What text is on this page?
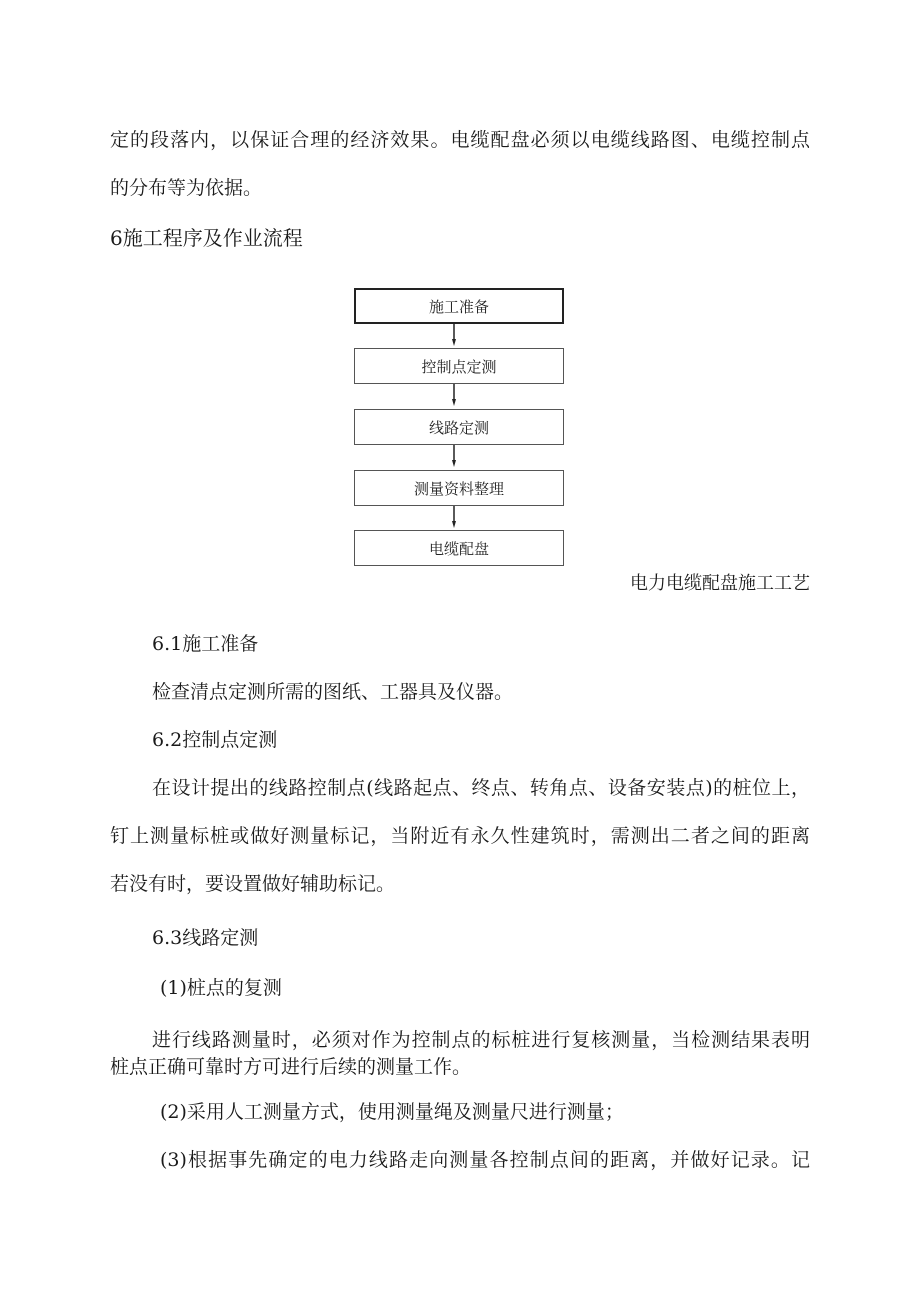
定的段落内，以保证合理的经济效果。电缆配盘必须以电缆线路图、电缆控制点
的分布等为依据。
6施工程序及作业流程
施工准备
控制点定测
线路定测
测量资料整理
电缆配盘
电力电缆配盘施工工艺
6.1施工准备
检查清点定测所需的图纸、工器具及仪器。
6.2控制点定测
在设计提出的线路控制点(线路起点、终点、转角点、设备安装点)的桩位上，
钉上测量标桩或做好测量标记，当附近有永久性建筑时，需测出二者之间的距离
若没有时，要设置做好辅助标记。
6.3线路定测
(1)桩点的复测
进行线路测量时，必须对作为控制点的标桩进行复核测量，当检测结果表明
桩点正确可靠时方可进行后续的测量工作。
(2)采用人工测量方式，使用测量绳及测量尺进行测量；
(3)根据事先确定的电力线路走向测量各控制点间的距离，并做好记录。记
